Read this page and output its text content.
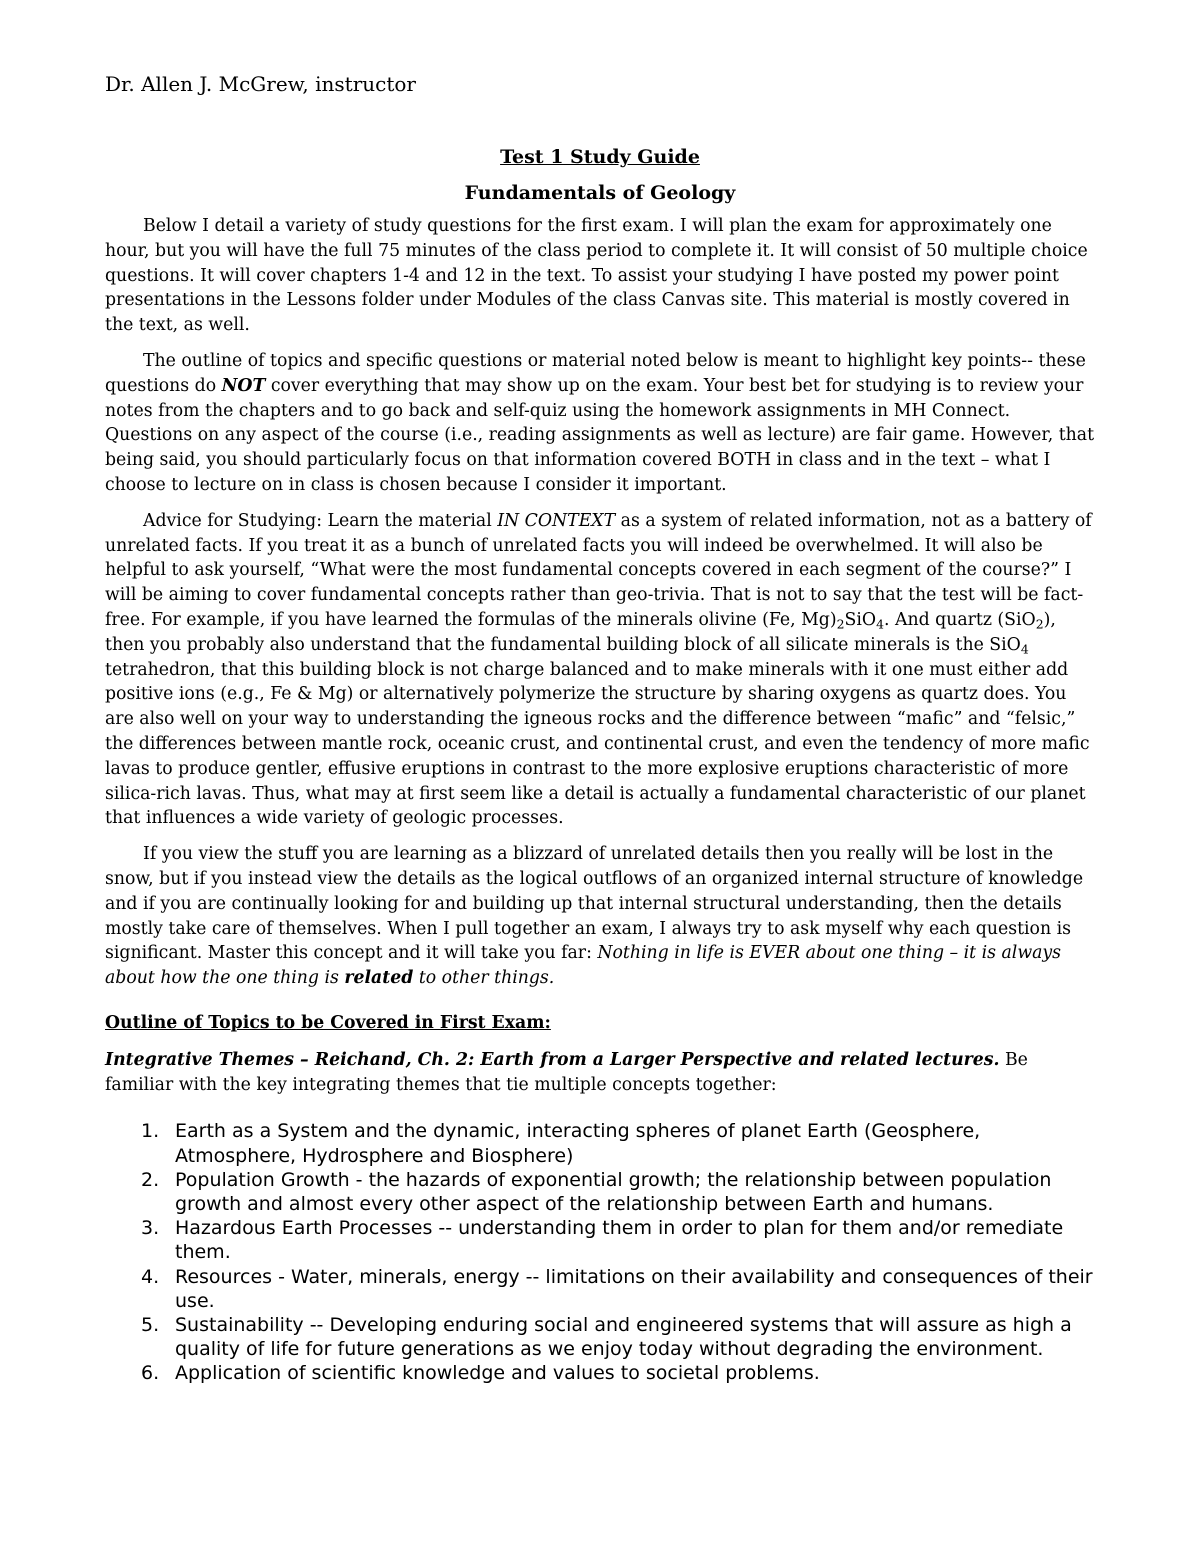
Dr. Allen J. McGrew, instructor
Test 1 Study Guide
Fundamentals of Geology

Below I detail a variety of study questions for the first exam. I will plan the exam for approximately one hour, but you will have the full 75 minutes of the class period to complete it. It will consist of 50 multiple choice questions. It will cover chapters 1-4 and 12 in the text. To assist your studying I have posted my power point presentations in the Lessons folder under Modules of the class Canvas site. This material is mostly covered in the text, as well.

The outline of topics and specific questions or material noted below is meant to highlight key points-- these questions do NOT cover everything that may show up on the exam. Your best bet for studying is to review your notes from the chapters and to go back and self-quiz using the homework assignments in MH Connect. Questions on any aspect of the course (i.e., reading assignments as well as lecture) are fair game. However, that being said, you should particularly focus on that information covered BOTH in class and in the text – what I choose to lecture on in class is chosen because I consider it important.

Advice for Studying: Learn the material IN CONTEXT as a system of related information, not as a battery of unrelated facts. If you treat it as a bunch of unrelated facts you will indeed be overwhelmed. It will also be helpful to ask yourself, “What were the most fundamental concepts covered in each segment of the course?” I will be aiming to cover fundamental concepts rather than geo-trivia. That is not to say that the test will be fact-free. For example, if you have learned the formulas of the minerals olivine (Fe, $Mg)_2SiO_4$. And quartz (SiO$_2$), then you probably also understand that the fundamental building block of all silicate minerals is the SiO$_4$ tetrahedron, that this building block is not charge balanced and to make minerals with it one must either add positive ions (e.g., Fe & Mg) or alternatively polymerize the structure by sharing oxygens as quartz does. You are also well on your way to understanding the igneous rocks and the difference between “mafic” and “felsic,” the differences between mantle rock, oceanic crust, and continental crust, and even the tendency of more mafic lavas to produce gentler, effusive eruptions in contrast to the more explosive eruptions characteristic of more silica-rich lavas. Thus, what may at first seem like a detail is actually a fundamental characteristic of our planet that influences a wide variety of geologic processes.

If you view the stuff you are learning as a blizzard of unrelated details then you really will be lost in the snow, but if you instead view the details as the logical outflows of an organized internal structure of knowledge and if you are continually looking for and building up that internal structural understanding, then the details mostly take care of themselves. When I pull together an exam, I always try to ask myself why each question is significant. Master this concept and it will take you far: Nothing in life is EVER about one thing – it is always about how the one thing is related to other things.

Outline of Topics to be Covered in First Exam:
Integrative Themes – Reichand, Ch. 2: Earth from a Larger Perspective and related lectures. Be familiar with the key integrating themes that tie multiple concepts together:
1. Earth as a System and the dynamic, interacting spheres of planet Earth (Geosphere, Atmosphere, Hydrosphere and Biosphere)
2. Population Growth - the hazards of exponential growth; the relationship between population growth and almost every other aspect of the relationship between Earth and humans.
3. Hazardous Earth Processes -- understanding them in order to plan for them and/or remediate them.
4. Resources - Water, minerals, energy -- limitations on their availability and consequences of their use.
5. Sustainability -- Developing enduring social and engineered systems that will assure as high a quality of life for future generations as we enjoy today without degrading the environment.
6. Application of scientific knowledge and values to societal problems.
